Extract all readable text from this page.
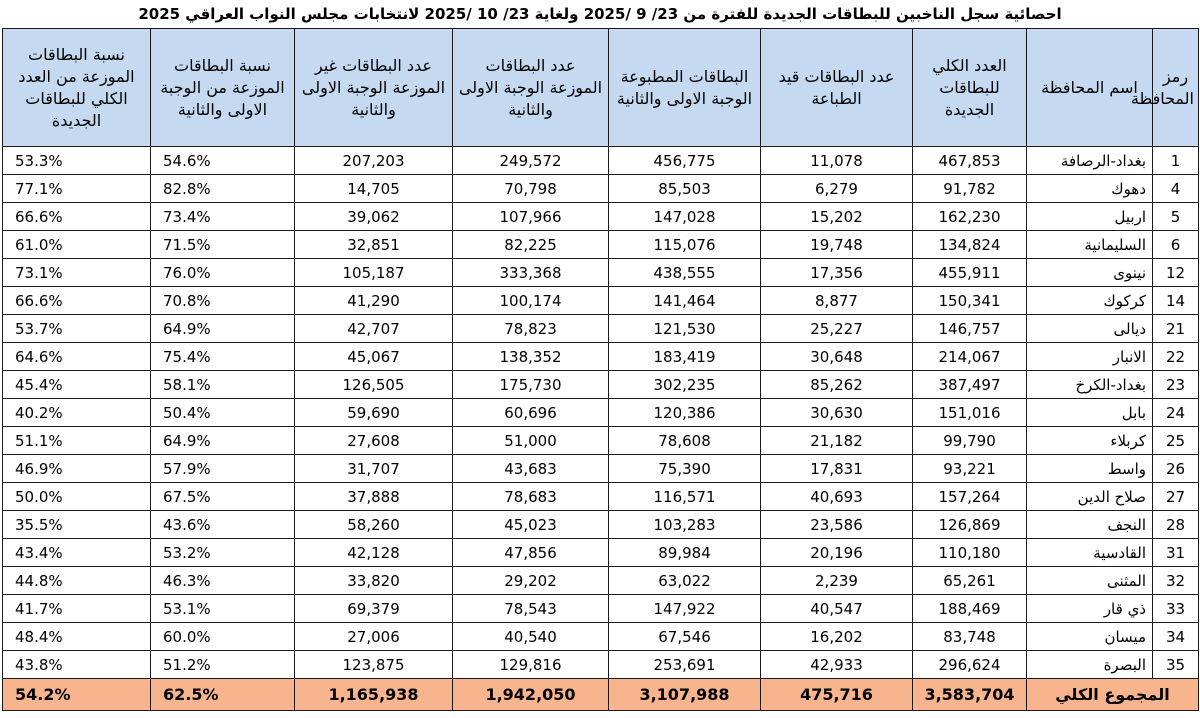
احصائية سجل الناخبين للبطاقات الجديدة للفترة من 23/ 9 /2025 ولغاية 23/ 10 /2025 لانتخابات مجلس النواب العراقي 2025
رمز المحافظة	اسم المحافظة	العدد الكلي للبطاقات الجديدة	عدد البطاقات قيد الطباعة	البطاقات المطبوعة الوجبة الاولى والثانية	عدد البطاقات الموزعة الوجبة الاولى والثانية	عدد البطاقات غير الموزعة الوجبة الاولى والثانية	نسبة البطاقات الموزعة من الوجبة الاولى والثانية	نسبة البطاقات الموزعة من العدد الكلي للبطاقات الجديدة
1	بغداد-الرصافة	467,853	11,078	456,775	249,572	207,203	54.6%	53.3%
4	دهوك	91,782	6,279	85,503	70,798	14,705	82.8%	77.1%
5	اربيل	162,230	15,202	147,028	107,966	39,062	73.4%	66.6%
6	السليمانية	134,824	19,748	115,076	82,225	32,851	71.5%	61.0%
12	نينوى	455,911	17,356	438,555	333,368	105,187	76.0%	73.1%
14	كركوك	150,341	8,877	141,464	100,174	41,290	70.8%	66.6%
21	ديالى	146,757	25,227	121,530	78,823	42,707	64.9%	53.7%
22	الانبار	214,067	30,648	183,419	138,352	45,067	75.4%	64.6%
23	بغداد-الكرخ	387,497	85,262	302,235	175,730	126,505	58.1%	45.4%
24	بابل	151,016	30,630	120,386	60,696	59,690	50.4%	40.2%
25	كربلاء	99,790	21,182	78,608	51,000	27,608	64.9%	51.1%
26	واسط	93,221	17,831	75,390	43,683	31,707	57.9%	46.9%
27	صلاح الدين	157,264	40,693	116,571	78,683	37,888	67.5%	50.0%
28	النجف	126,869	23,586	103,283	45,023	58,260	43.6%	35.5%
31	القادسية	110,180	20,196	89,984	47,856	42,128	53.2%	43.4%
32	المثنى	65,261	2,239	63,022	29,202	33,820	46.3%	44.8%
33	ذي قار	188,469	40,547	147,922	78,543	69,379	53.1%	41.7%
34	ميسان	83,748	16,202	67,546	40,540	27,006	60.0%	48.4%
35	البصرة	296,624	42,933	253,691	129,816	123,875	51.2%	43.8%
المجموع الكلي		3,583,704	475,716	3,107,988	1,942,050	1,165,938	62.5%	54.2%
